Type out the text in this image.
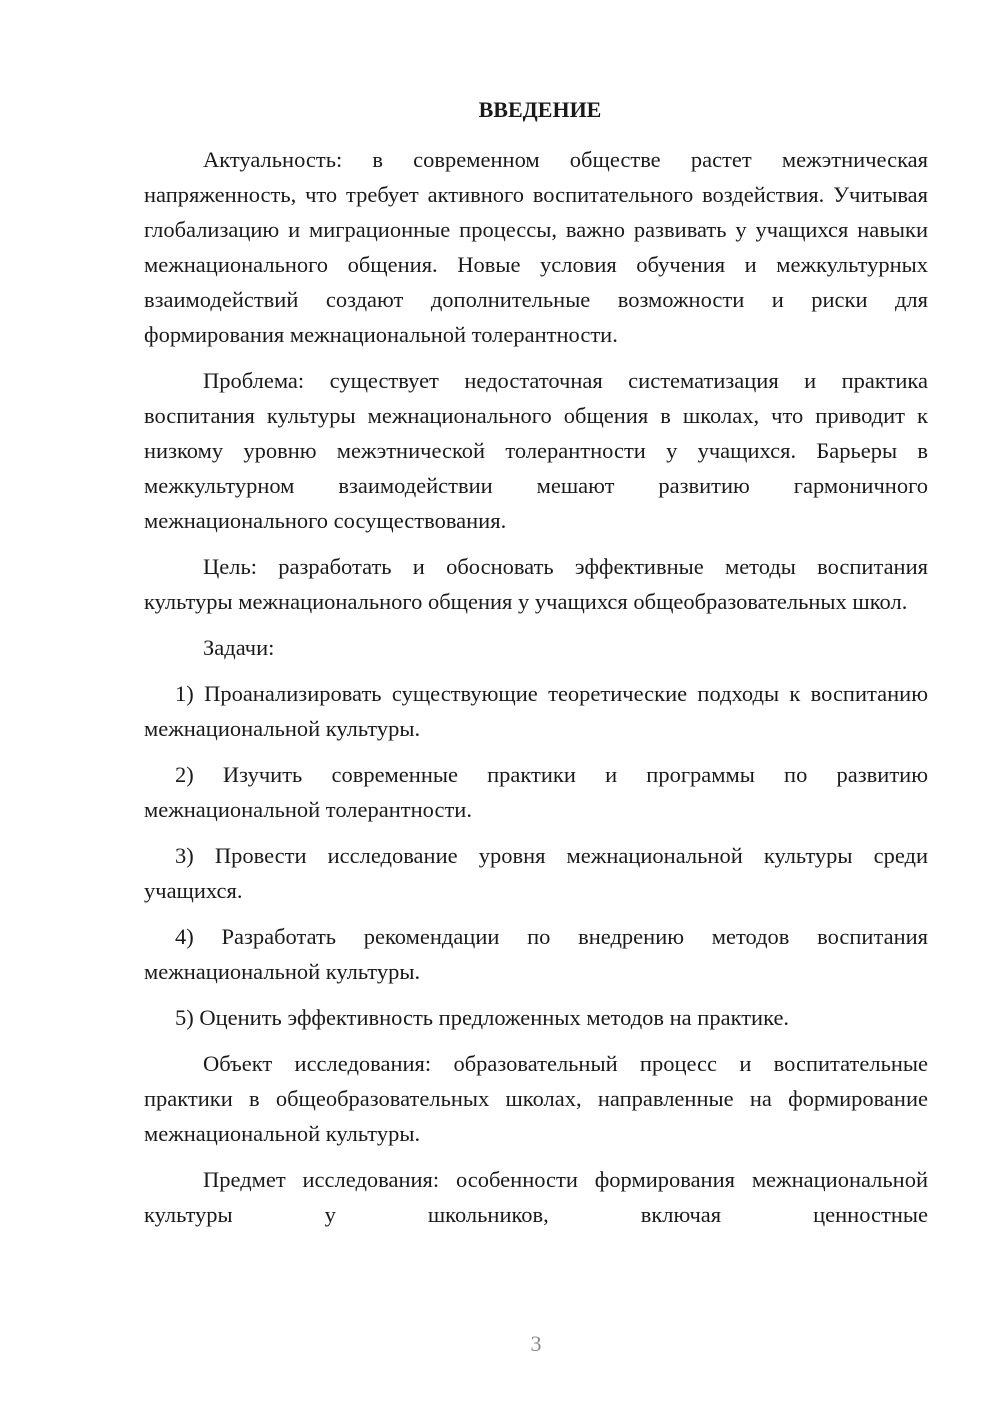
ВВЕДЕНИЕ

Актуальность: в современном обществе растет межэтническая напряженность, что требует активного воспитательного воздействия. Учитывая глобализацию и миграционные процессы, важно развивать у учащихся навыки межнационального общения. Новые условия обучения и межкультурных взаимодействий создают дополнительные возможности и риски для формирования межнациональной толерантности.

Проблема: существует недостаточная систематизация и практика воспитания культуры межнационального общения в школах, что приводит к низкому уровню межэтнической толерантности у учащихся. Барьеры в межкультурном взаимодействии мешают развитию гармоничного межнационального сосуществования.

Цель: разработать и обосновать эффективные методы воспитания культуры межнационального общения у учащихся общеобразовательных школ.

Задачи:

1) Проанализировать существующие теоретические подходы к воспитанию межнациональной культуры.

2) Изучить современные практики и программы по развитию межнациональной толерантности.

3) Провести исследование уровня межнациональной культуры среди учащихся.

4) Разработать рекомендации по внедрению методов воспитания межнациональной культуры.

5) Оценить эффективность предложенных методов на практике.

Объект исследования: образовательный процесс и воспитательные практики в общеобразовательных школах, направленные на формирование межнациональной культуры.

Предмет исследования: особенности формирования межнациональной культуры у школьников, включая ценностные

3
